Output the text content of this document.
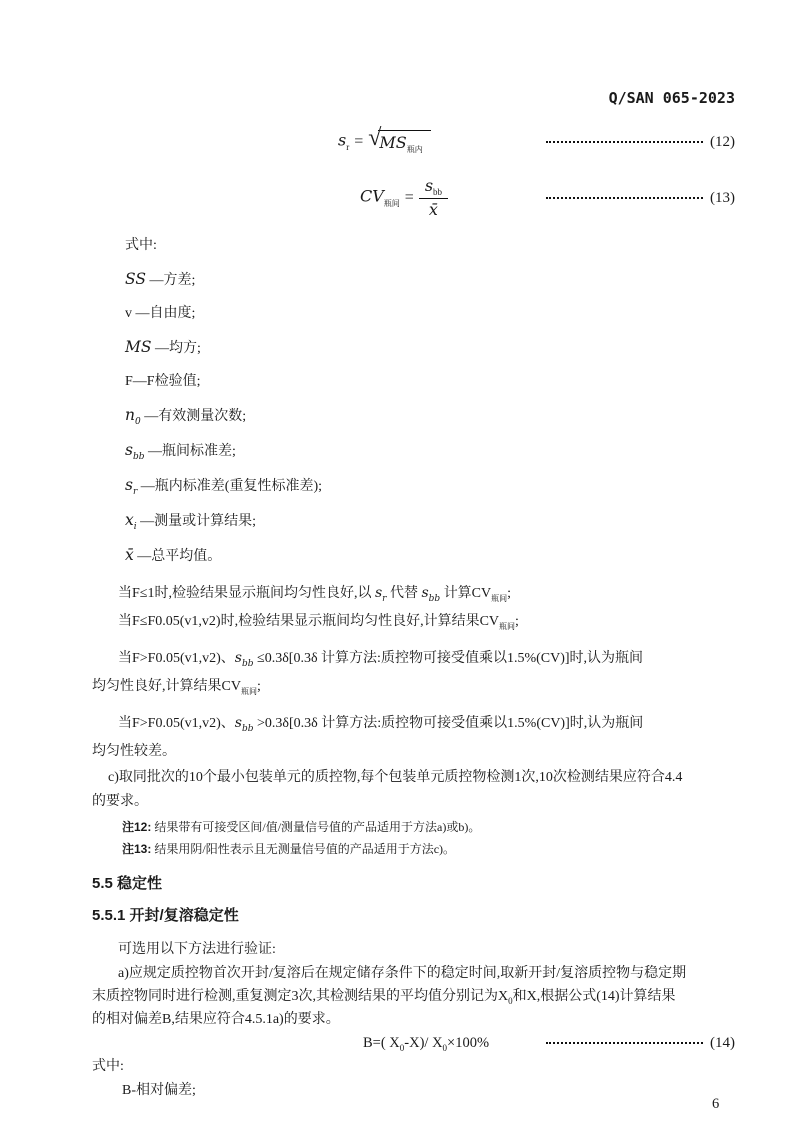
Q/SAN 065-2023
$s_r$ = √
$MS_{瓶内}$
(12)
$CV_{瓶间} = \frac{s_{bb}}{x̄}$	(13)
式中:
SS —方差;
v —自由度;
MS —均方;
F—F检验值;
$n_0$ —有效测量次数;
$s_{bb}$ —瓶间标准差;
$s_r$ —瓶内标准差(重复性标准差);
$x_i$ —测量或计算结果;
x̄ —总平均值。
当F≤1时,检验结果显示瓶间均匀性良好,以 $s_r$ 代替 $s_{bb}$ 计算$CV_{瓶间}$;
当F≤F0.05(v1,v2)时,检验结果显示瓶间均匀性良好,计算结果$CV_{瓶间}$;
当F>F0.05(v1,v2)、$s_{bb} \le 0.3\delta[0.3\delta$ 计算方法:质控物可接受值乘以1.5%(CV)]时,认为瓶间
均匀性良好,计算结果$CV_{瓶间}$;
当F>F0.05(v1,v2)、$s_{bb} >0.3\delta[0.3\delta$ 计算方法:质控物可接受值乘以1.5%(CV)]时,认为瓶间
均匀性较差。
c)取同批次的10个最小包装单元的质控物,每个包装单元质控物检测1次,10次检测结果应符合4.4
的要求。
注12: 结果带有可接受区间/值/测量信号值的产品适用于方法a)或b)。
注13: 结果用阴/阳性表示且无测量信号值的产品适用于方法c)。
5.5 稳定性
5.5.1 开封/复溶稳定性
可选用以下方法进行验证:
a)应规定质控物首次开封/复溶后在规定储存条件下的稳定时间,取新开封/复溶质控物与稳定期
末质控物同时进行检测,重复测定3次,其检测结果的平均值分别记为$X_0$和X,根据公式(14)计算结果
的相对偏差B,结果应符合4.5.1a)的要求。
B=( $X_0-X)/$ $X_0\times 100\%$	(14)
式中:
B-相对偏差;
6
